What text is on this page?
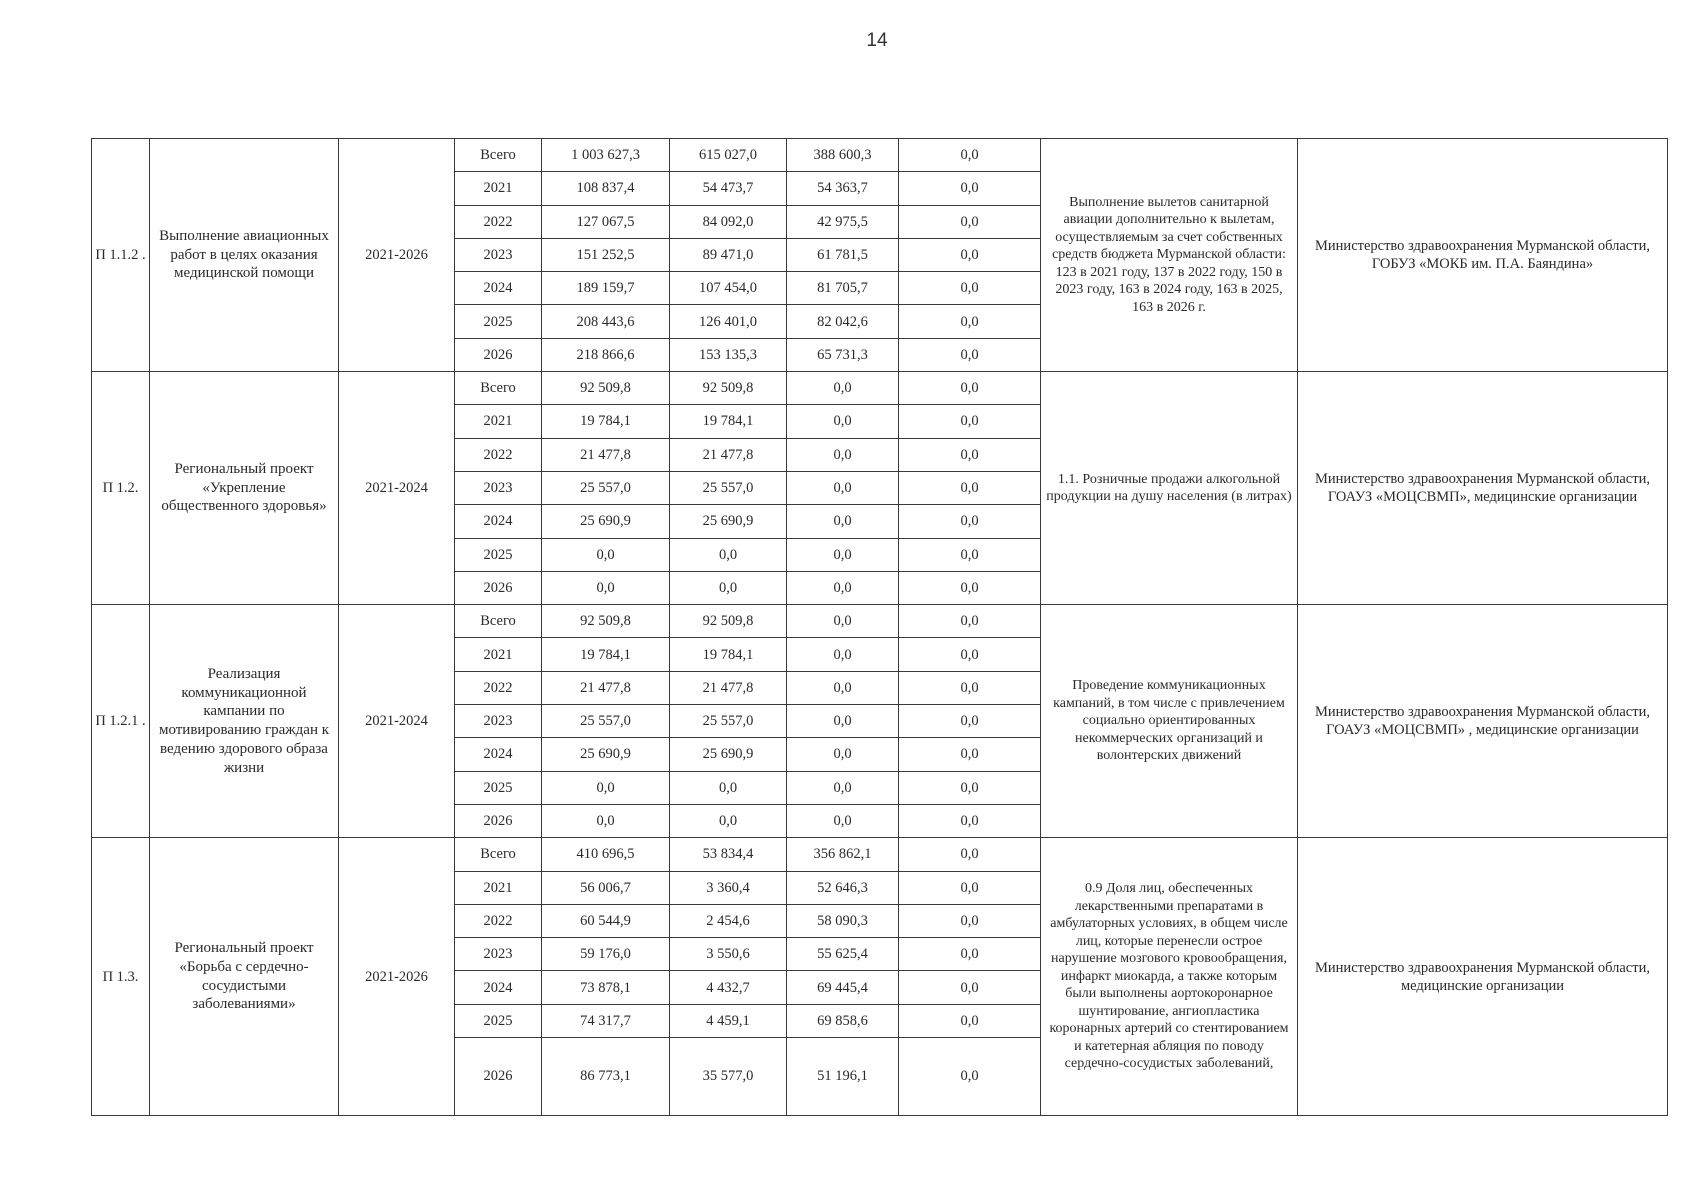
14
П 1.1.2 .	Выполнение авиационных работ в целях оказания медицинской помощи	2021-2026	Всего	1 003 627,3	615 027,0	388 600,3	0,0	Выполнение вылетов санитарной авиации дополнительно к вылетам, осуществляемым за счет собственных средств бюджета Мурманской области: 123 в 2021 году, 137 в 2022 году, 150 в 2023 году, 163 в 2024 году, 163 в 2025, 163 в 2026 г.	Министерство здравоохранения Мурманской области, ГОБУЗ «МОКБ им. П.А. Баяндина»
			2021	108 837,4	54 473,7	54 363,7	0,0		
			2022	127 067,5	84 092,0	42 975,5	0,0		
			2023	151 252,5	89 471,0	61 781,5	0,0		
			2024	189 159,7	107 454,0	81 705,7	0,0		
			2025	208 443,6	126 401,0	82 042,6	0,0		
			2026	218 866,6	153 135,3	65 731,3	0,0		
П 1.2.	Региональный проект «Укрепление общественного здоровья»	2021-2024	Всего	92 509,8	92 509,8	0,0	0,0	1.1. Розничные продажи алкогольной продукции на душу населения (в литрах)	Министерство здравоохранения Мурманской области, ГОАУЗ «МОЦСВМП», медицинские организации
			2021	19 784,1	19 784,1	0,0	0,0		
			2022	21 477,8	21 477,8	0,0	0,0		
			2023	25 557,0	25 557,0	0,0	0,0		
			2024	25 690,9	25 690,9	0,0	0,0		
			2025	0,0	0,0	0,0	0,0		
			2026	0,0	0,0	0,0	0,0		
П 1.2.1 .	Реализация коммуникационной кампании по мотивированию граждан к ведению здорового образа жизни	2021-2024	Всего	92 509,8	92 509,8	0,0	0,0	Проведение коммуникационных кампаний, в том числе с привлечением социально ориентированных некоммерческих организаций и волонтерских движений	Министерство здравоохранения Мурманской области, ГОАУЗ «МОЦСВМП» , медицинские организации
			2021	19 784,1	19 784,1	0,0	0,0		
			2022	21 477,8	21 477,8	0,0	0,0		
			2023	25 557,0	25 557,0	0,0	0,0		
			2024	25 690,9	25 690,9	0,0	0,0		
			2025	0,0	0,0	0,0	0,0		
			2026	0,0	0,0	0,0	0,0		
П 1.3.	Региональный проект «Борьба с сердечно-сосудистыми заболеваниями»	2021-2026	Всего	410 696,5	53 834,4	356 862,1	0,0	0.9 Доля лиц, обеспеченных лекарственными препаратами в амбулаторных условиях, в общем числе лиц, которые перенесли острое нарушение мозгового кровообращения, инфаркт миокарда, а также которым были выполнены аортокоронарное шунтирование, ангиопластика коронарных артерий со стентированием и катетерная абляция по поводу сердечно-сосудистых заболеваний,	Министерство здравоохранения Мурманской области, медицинские организации
			2021	56 006,7	3 360,4	52 646,3	0,0		
			2022	60 544,9	2 454,6	58 090,3	0,0		
			2023	59 176,0	3 550,6	55 625,4	0,0		
			2024	73 878,1	4 432,7	69 445,4	0,0		
			2025	74 317,7	4 459,1	69 858,6	0,0		
			2026	86 773,1	35 577,0	51 196,1	0,0		
